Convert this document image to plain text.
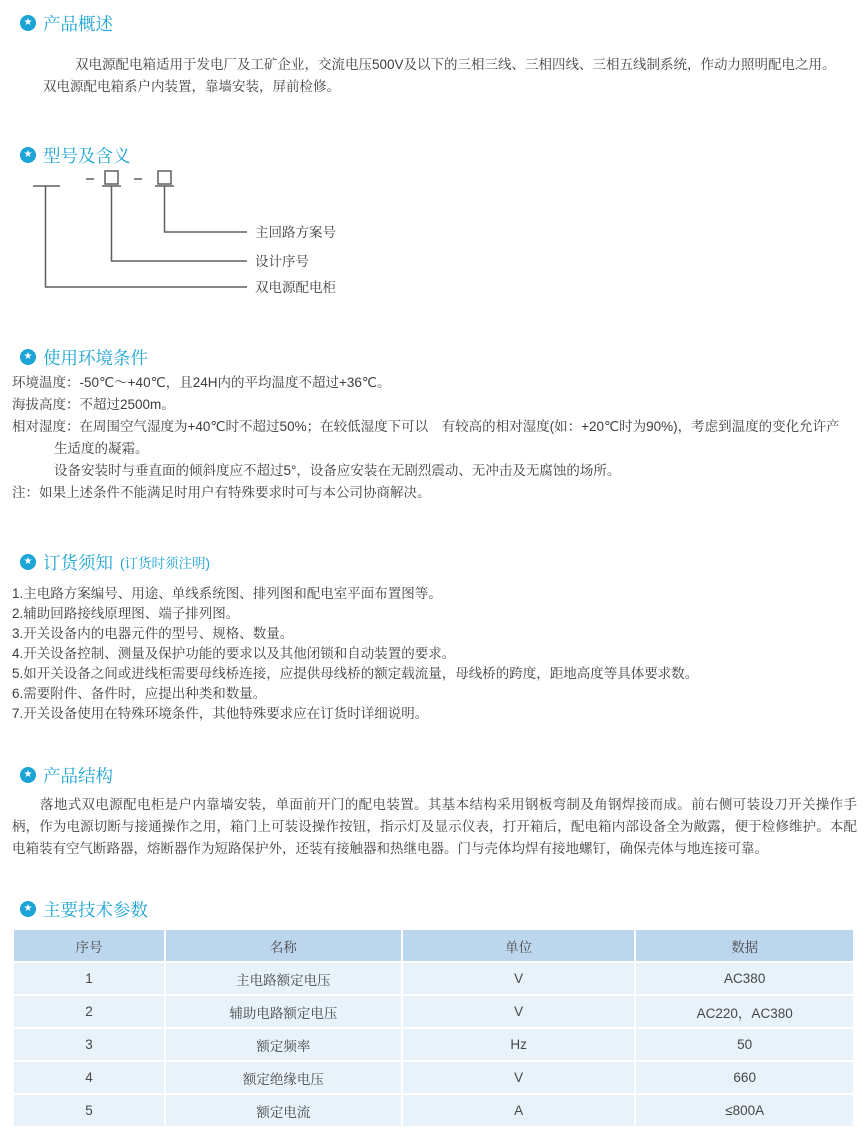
★ 产品概述
双电源配电箱适用于发电厂及工矿企业，交流电压500V及以下的三相三线、三相四线、三相五线制系统，作动力照明配电之用。
双电源配电箱系户内装置，靠墙安装，屏前检修。
★ 型号及含义
主回路方案号
设计序号
双电源配电柜
★ 使用环境条件
环境温度：-50℃～+40℃，且24H内的平均温度不超过+36℃。
海拔高度：不超过2500m。
相对湿度：在周围空气湿度为+40℃时不超过50%；在较低湿度下可以　有较高的相对湿度(如：+20℃时为90%)，考虑到温度的变化允许产
生适度的凝霜。
设备安装时与垂直面的倾斜度应不超过5°，设备应安装在无剧烈震动、无冲击及无腐蚀的场所。
注：如果上述条件不能满足时用户有特殊要求时可与本公司协商解决。
★ 订货须知 (订货时须注明)
1.主电路方案编号、用途、单线系统图、排列图和配电室平面布置图等。
2.辅助回路接线原理图、端子排列图。
3.开关设备内的电器元件的型号、规格、数量。
4.开关设备控制、测量及保护功能的要求以及其他闭锁和自动装置的要求。
5.如开关设备之间或进线柜需要母线桥连接，应提供母线桥的额定载流量，母线桥的跨度，距地高度等具体要求数。
6.需要附件、备件时，应提出种类和数量。
7.开关设备使用在特殊环境条件，其他特殊要求应在订货时详细说明。
★ 产品结构

落地式双电源配电柜是户内靠墙安装，单面前开门的配电装置。其基本结构采用钢板弯制及角钢焊接而成。前右侧可装设刀开关操作手柄，作为电源切断与接通操作之用，箱门上可装设操作按钮，指示灯及显示仪表，打开箱后，配电箱内部设备全为敞露，便于检修维护。本配电箱装有空气断路器，熔断器作为短路保护外，还装有接触器和热继电器。门与壳体均焊有接地螺钉，确保壳体与地连接可靠。

★ 主要技术参数
序号	名称	单位	数据
1	主电路额定电压	V	AC380
2	辅助电路额定电压	V	AC220，AC380
3	额定频率	Hz	50
4	额定绝缘电压	V	660
5	额定电流	A	≤800A
